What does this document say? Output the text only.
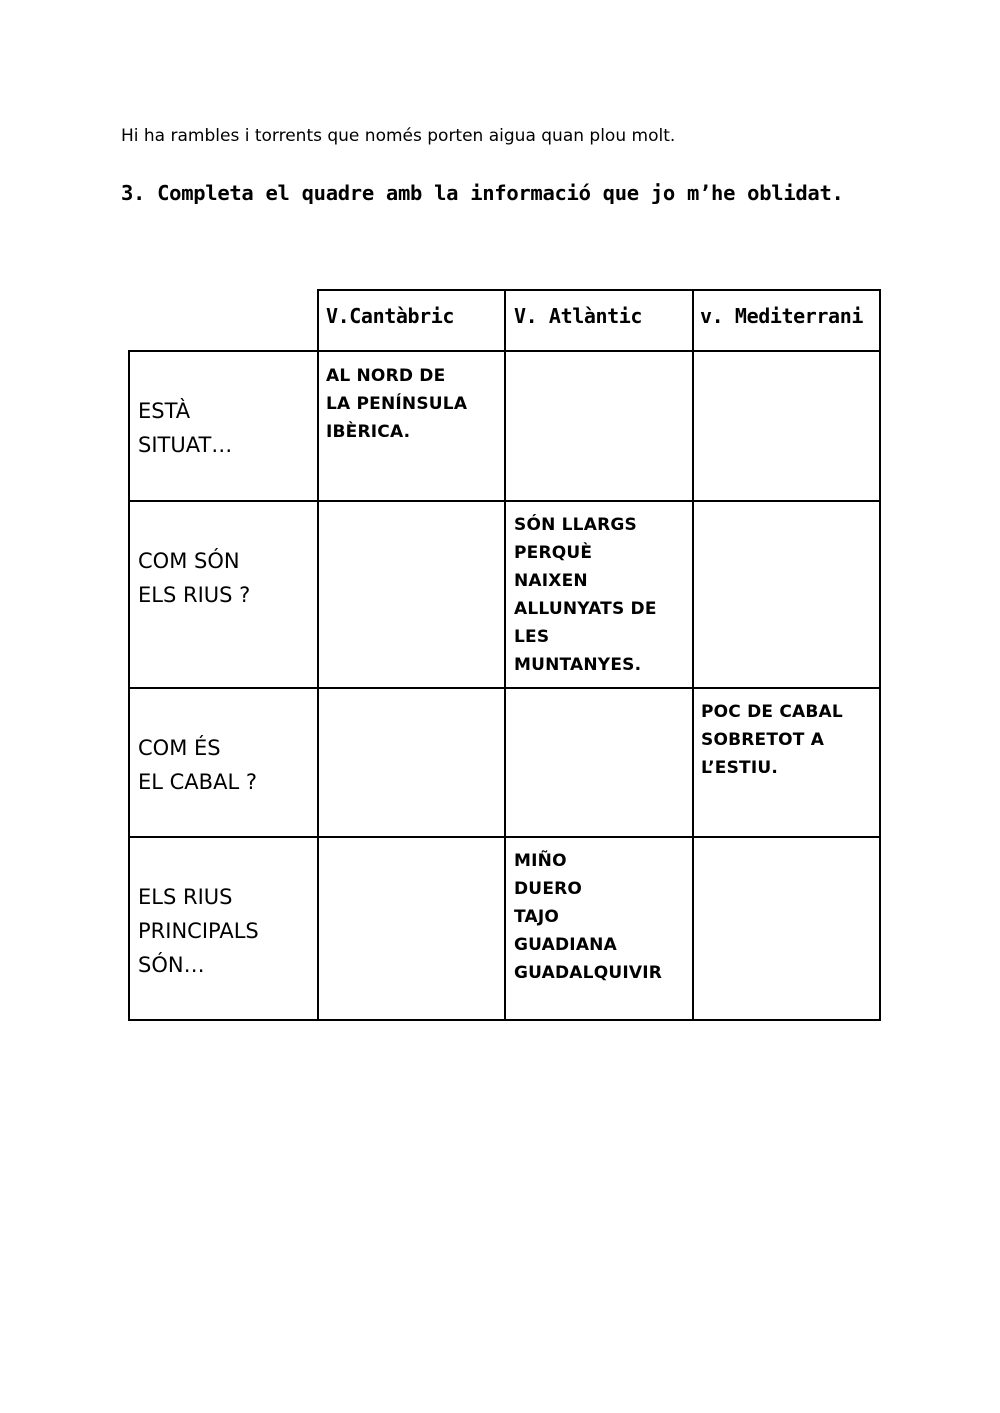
Hi ha rambles i torrents que només porten aigua quan plou molt.
3. Completa el quadre amb la informació que jo m’he oblidat.
V.Cantàbric	V. Atlàntic	v. Mediterrani
ESTÀ
SITUAT…
COM SÓN
ELS RIUS ?
COM ÉS
EL CABAL ?
ELS RIUS
PRINCIPALS
SÓN…
AL NORD DE
LA PENÍNSULA
IBÈRICA.
SÓN LLARGS
PERQUÈ
NAIXEN
ALLUNYATS DE
LES
MUNTANYES.
POC DE CABAL
SOBRETOT A
L’ESTIU.
MIÑO
DUERO
TAJO
GUADIANA
GUADALQUIVIR
